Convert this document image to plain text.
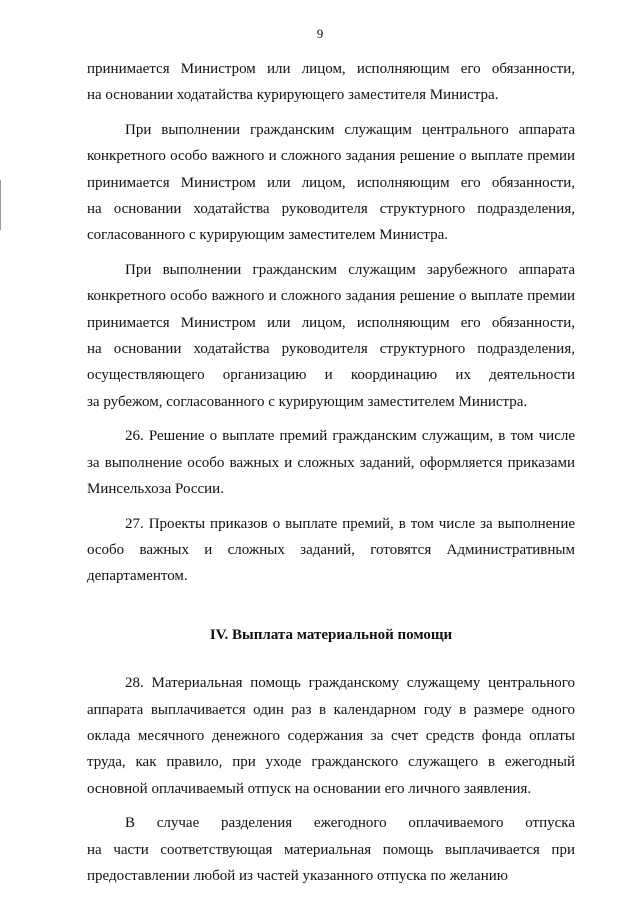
9

принимается Министром или лицом, исполняющим его обязанности,
на основании ходатайства курирующего заместителя Министра.

При выполнении гражданским служащим центрального аппарата
конкретного особо важного и сложного задания решение о выплате премии
принимается Министром или лицом, исполняющим его обязанности,
на основании ходатайства руководителя структурного подразделения,
согласованного с курирующим заместителем Министра.

При выполнении гражданским служащим зарубежного аппарата
конкретного особо важного и сложного задания решение о выплате премии
принимается Министром или лицом, исполняющим его обязанности,
на основании ходатайства руководителя структурного подразделения,
осуществляющего организацию и координацию их деятельности
за рубежом, согласованного с курирующим заместителем Министра.

26. Решение о выплате премий гражданским служащим, в том числе
за выполнение особо важных и сложных заданий, оформляется приказами
Минсельхоза России.

27. Проекты приказов о выплате премий, в том числе за выполнение
особо важных и сложных заданий, готовятся Административным
департаментом.

IV. Выплата материальной помощи

28. Материальная помощь гражданскому служащему центрального
аппарата выплачивается один раз в календарном году в размере одного
оклада месячного денежного содержания за счет средств фонда оплаты
труда, как правило, при уходе гражданского служащего в ежегодный
основной оплачиваемый отпуск на основании его личного заявления.

В случае разделения ежегодного оплачиваемого отпуска
на части соответствующая материальная помощь выплачивается при
предоставлении любой из частей указанного отпуска по желанию
